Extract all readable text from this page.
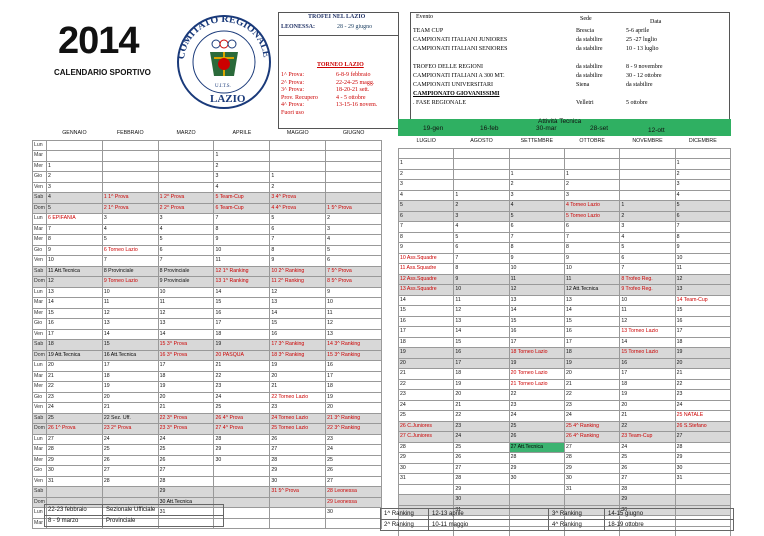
2014
CALENDARIO SPORTIVO
COMITATO REGIONALE
U.I.T.S.
LAZIO
TROFEI NEL LAZIO
LEONESSA:	28 - 29 giugno
TORNEO LAZIO
1^ Prova:	6-8-9 febbraio
2^ Prova:	22-24-25 magg.
3^ Prova:	18-20-21 sett.
Prov. Recupero	4 - 5 ottobre
4^ Prova:	13-15-16 novem.
Fuori uso
Evento	Sede	Data
TEAM CUP	Brescia	5-6 aprile
CAMPIONATI ITALIANI JUNIORES	da stabilire	25 -27 luglio
CAMPIONATI ITALIANI SENIORES	da stabilire	10 - 13 luglio
TROFEO DELLE REGIONI	da stabilire	8 - 9 novembre
CAMPIONATI ITALIANI A 300 MT.	da stabilire	30 - 12 ottobre
CAMPIONATI UNIVERSITARI	Siena	da stabilire
CAMPIONATO GIOVANISSIMI
. FASE REGIONALE	Velletri	5 ottobre
Attività Tecnica
19-gen	16-feb	30-mar	28-set	12-ott
	GENNAIO	FEBBRAIO	MARZO	APRILE	MAGGIO	GIUGNO
Lun						
Mar				1		
Mer	1			2		
Gio	2			3	1	
Ven	3			4	2	
Sab	4	1 1^ Prova	1 2^ Prova	5 Team-Cup	3 4^ Prova	
Dom	5	2 1^ Prova	2 2^ Prova	6 Team-Cup	4 4^ Prova	1 5^ Prova
Lun	6 EPIFANIA	3	3	7	5	2
Mar	7	4	4	8	6	3
Mer	8	5	5	9	7	4
Gio	9	6 Torneo Lazio	6	10	8	5
Ven	10	7	7	11	9	6
Sab	11 Att.Tecnica	8 Provinciale	8 Provinciale	12 1^ Ranking	10 2^ Ranking	7 5^ Prova
Dom	12	9 Torneo Lazio	9 Provinciale	13 1^ Ranking	11 2^ Ranking	8 5^ Prova
Lun	13	10	10	14	12	9
Mar	14	11	11	15	13	10
Mer	15	12	12	16	14	11
Gio	16	13	13	17	15	12
Ven	17	14	14	18	16	13
Sab	18	15	15 3^ Prova	19	17 3^ Ranking	14 3^ Ranking
Dom	19 Att.Tecnica	16 Att.Tecnica	16 3^ Prova	20 PASQUA	18 3^ Ranking	15 3^ Ranking
Lun	20	17	17	21	19	16
Mar	21	18	18	22	20	17
Mer	22	19	19	23	21	18
Gio	23	20	20	24	22 Torneo Lazio	19
Ven	24	21	21	25	23	20
Sab	25	22 Sez. Uff.	22 3^ Prova	26 4^ Prova	24 Torneo Lazio	21 3^ Ranking
Dom	26 1^ Prova	23 2^ Prova	23 3^ Prova	27 4^ Prova	25 Torneo Lazio	22 3^ Ranking
Lun	27	24	24	28	26	23
Mar	28	25	25	29	27	24
Mer	29	26	26	30	28	25
Gio	30	27	27		29	26
Ven	31	28	28		30	27
Sab			29		31 5^ Prova	28 Leonessa
Dom			30 Att.Tecnica			29 Leonessa
Lun			31			30
Mar						
LUGLIO	AGOSTO	SETTEMBRE	OTTOBRE	NOVEMBRE	DICEMBRE

1					1
2		1	1		2
3		2	2		3
4	1	3	3		4
5	2	4	4 Torneo Lazio	1	5
6	3	5	5 Torneo Lazio	2	6
7	4	6	6	3	7
8	5	7	7	4	8
9	6	8	8	5	9
10 Ass.Squadre	7	9	9	6	10
11 Ass.Squadre	8	10	10	7	11
12 Ass.Squadre	9	11	11	8 Trofeo Reg.	12
13 Ass.Squadre	10	12	12 Att.Tecnica	9 Trofeo Reg.	13
14	11	13	13	10	14 Team-Cup
15	12	14	14	11	15
16	13	15	15	12	16
17	14	16	16	13 Torneo Lazio	17
18	15	17	17	14	18
19	16	18 Torneo Lazio	18	15 Torneo Lazio	19
20	17	19	19	16	20
21	18	20 Torneo Lazio	20	17	21
22	19	21 Torneo Lazio	21	18	22
23	20	22	22	19	23
24	21	23	23	20	24
25	22	24	24	21	25 NATALE
26 C.Juniores	23	25	25 4^ Ranking	22	26 S.Stefano
27 C.Juniores	24	26	26 4^ Ranking	23 Team-Cup	27
28	25	27 Att.Tecnica	27	24	28
29	26	28	28	25	29
30	27	29	29	26	30
31	28	30	30	27	31
	29		31	28	
	30			29	
	31			30	

22-23 febbraio	Sezionale Ufficiale
8 - 9 marzo	Provinciale
1^ Ranking	12-13 aprile	3^ Ranking	14-15 giugno
2^ Ranking	10-11 maggio	4^ Ranking	18-19 ottobre
